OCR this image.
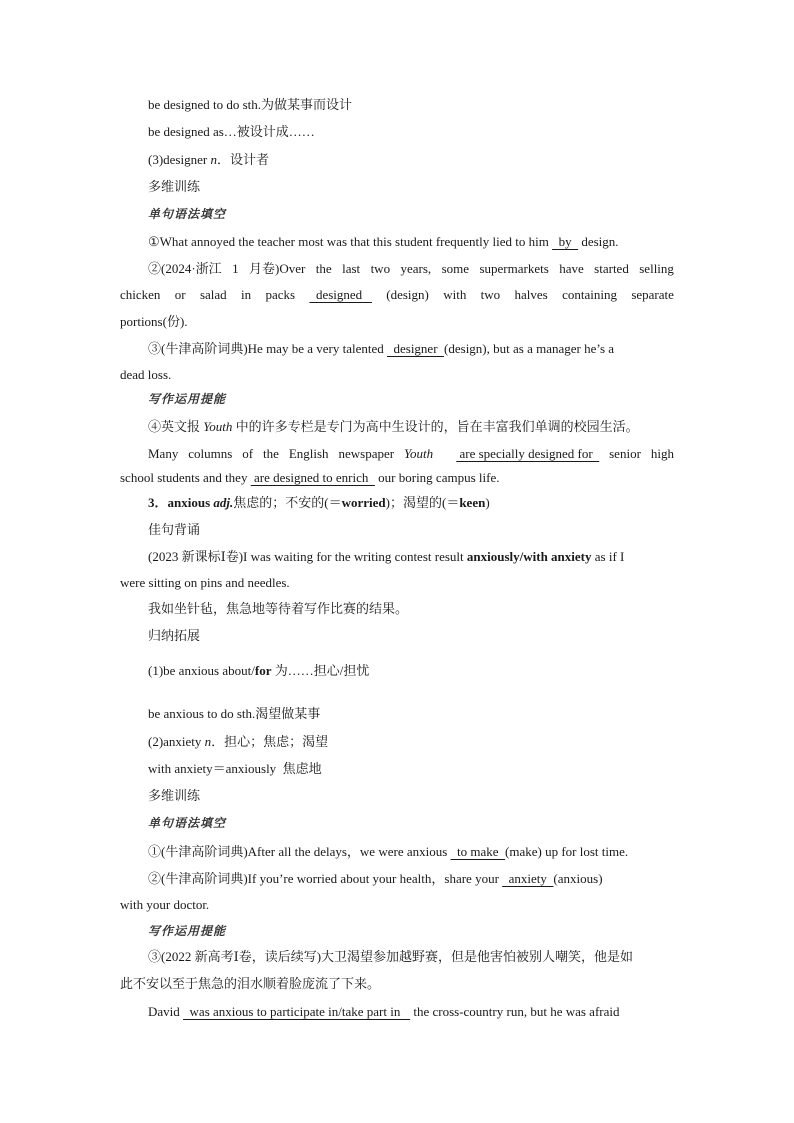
be designed to do sth.为做某事而设计
be designed as…被设计成……
(3)designer n．设计者
多维训练
单句语法填空
①What annoyed the teacher most was that this student frequently lied to him   by   design.
②(2024·浙江 1 月卷)Over the last two years, some supermarkets have started selling
chicken or salad in packs designed (design) with two halves containing separate
portions(份).
③(牛津高阶词典)He may be a very talented   designer  (design), but as a manager he’s a
dead loss.
写作运用提能
④英文报 Youth 中的许多专栏是专门为高中生设计的，旨在丰富我们单调的校园生活。
Many columns of the English newspaper Youth
are specially designed for senior high
school students and they  are designed to enrich   our boring campus life.
3．anxious adj.焦虑的；不安的(＝worried)；渴望的(＝keen)
佳句背诵
(2023 新课标Ⅰ卷)I was waiting for the writing contest result anxiously/with anxiety as if I
were sitting on pins and needles.
我如坐针毡，焦急地等待着写作比赛的结果。
归纳拓展
(1)be anxious about/for 为……担心/担忧
be anxious to do sth.渴望做某事
(2)anxiety n．担心；焦虑；渴望
with anxiety＝anxiously  焦虑地
多维训练
单句语法填空
①(牛津高阶词典)After all the delays，we were anxious   to make  (make) up for lost time.
②(牛津高阶词典)If you’re worried about your health，share your   anxiety  (anxious)
with your doctor.
写作运用提能
③(2022 新高考Ⅰ卷，读后续写)大卫渴望参加越野赛，但是他害怕被别人嘲笑，他是如
此不安以至于焦急的泪水顺着脸庞流了下来。
David   was anxious to participate in/take part in    the cross-country run, but he was afraid
